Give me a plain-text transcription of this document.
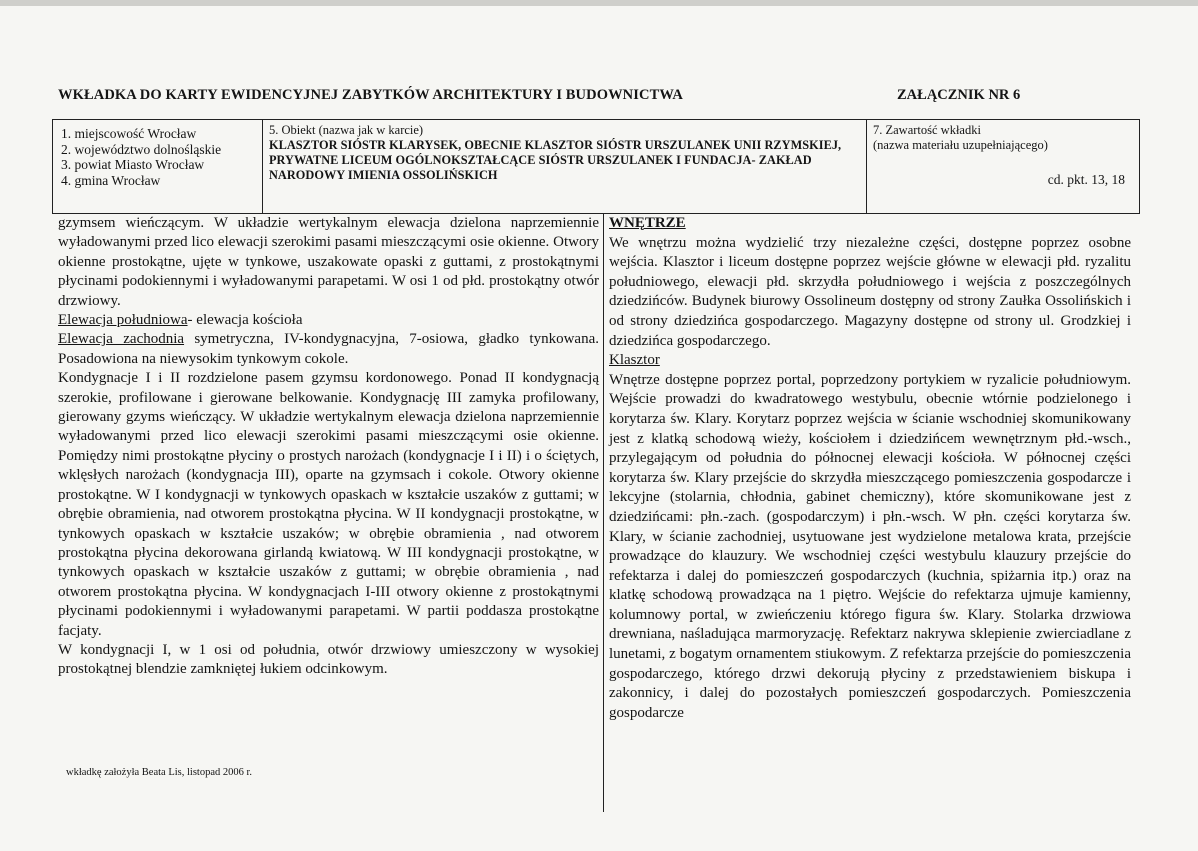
WKŁADKA DO KARTY EWIDENCYJNEJ ZABYTKÓW ARCHITEKTURY I BUDOWNICTWA	ZAŁĄCZNIK NR 6
1. miejscowość Wrocław
2. województwo dolnośląskie
3. powiat Miasto Wrocław
4. gmina Wrocław
5. Obiekt (nazwa jak w karcie)
KLASZTOR SIÓSTR KLARYSEK, OBECNIE KLASZTOR SIÓSTR URSZULANEK UNII RZYMSKIEJ, PRYWATNE LICEUM OGÓLNOKSZTAŁCĄCE SIÓSTR URSZULANEK I FUNDACJA- ZAKŁAD NARODOWY IMIENIA OSSOLIŃSKICH
7. Zawartość wkładki
(nazwa materiału uzupełniającego)
cd. pkt. 13, 18

gzymsem wieńczącym. W układzie wertykalnym elewacja dzielona naprzemiennie wyładowanymi przed lico elewacji szerokimi pasami mieszczącymi osie okienne. Otwory okienne prostokątne, ujęte w tynkowe, uszakowate opaski z guttami, z prostokątnymi płycinami podokiennymi i wyładowanymi parapetami. W osi 1 od płd. prostokątny otwór drzwiowy.

Elewacja południowa- elewacja kościoła

Elewacja zachodnia symetryczna, IV-kondygnacyjna, 7-osiowa, gładko tynkowana. Posadowiona na niewysokim tynkowym cokole.

Kondygnacje I i II rozdzielone pasem gzymsu kordonowego. Ponad II kondygnacją szerokie, profilowane i gierowane belkowanie. Kondygnację III zamyka profilowany, gierowany gzyms wieńczący. W układzie wertykalnym elewacja dzielona naprzemiennie wyładowanymi przed lico elewacji szerokimi pasami mieszczącymi osie okienne. Pomiędzy nimi prostokątne płyciny o prostych narożach (kondygnacje I i II) i o ściętych, wklęsłych narożach (kondygnacja III), oparte na gzymsach i cokole. Otwory okienne prostokątne. W I kondygnacji w tynkowych opaskach w kształcie uszaków z guttami; w obrębie obramienia, nad otworem prostokątna płycina. W II kondygnacji prostokątne, w tynkowych opaskach w kształcie uszaków; w obrębie obramienia , nad otworem prostokątna płycina dekorowana girlandą kwiatową. W III kondygnacji prostokątne, w tynkowych opaskach w kształcie uszaków z guttami; w obrębie obramienia , nad otworem prostokątna płycina. W kondygnacjach I-III otwory okienne z prostokątnymi płycinami podokiennymi i wyładowanymi parapetami. W partii poddasza prostokątne facjaty.

W kondygnacji I, w 1 osi od południa, otwór drzwiowy umieszczony w wysokiej prostokątnej blendzie zamkniętej łukiem odcinkowym.

WNĘTRZE

We wnętrzu można wydzielić trzy niezależne części, dostępne poprzez osobne wejścia. Klasztor i liceum dostępne poprzez wejście główne w elewacji płd. ryzalitu południowego, elewacji płd. skrzydła południowego i wejścia z poszczególnych dziedzińców. Budynek biurowy Ossolineum dostępny od strony Zaułka Ossolińskich i od strony dziedzińca gospodarczego. Magazyny dostępne od strony ul. Grodzkiej i dziedzińca gospodarczego.

Klasztor

Wnętrze dostępne poprzez portal, poprzedzony portykiem w ryzalicie południowym. Wejście prowadzi do kwadratowego westybulu, obecnie wtórnie podzielonego i korytarza św. Klary. Korytarz poprzez wejścia w ścianie wschodniej skomunikowany jest z klatką schodową wieży, kościołem i dziedzińcem wewnętrznym płd.-wsch., przylegającym od południa do północnej elewacji kościoła. W północnej części korytarza św. Klary przejście do skrzydła mieszczącego pomieszczenia gospodarcze i lekcyjne (stolarnia, chłodnia, gabinet chemiczny), które skomunikowane jest z dziedzińcami: płn.-zach. (gospodarczym) i płn.-wsch. W płn. części korytarza św. Klary, w ścianie zachodniej, usytuowane jest wydzielone metalowa krata, przejście prowadzące do klauzury. We wschodniej części westybulu klauzury przejście do refektarza i dalej do pomieszczeń gospodarczych (kuchnia, spiżarnia itp.) oraz na klatkę schodową prowadząca na 1 piętro. Wejście do refektarza ujmuje kamienny, kolumnowy portal, w zwieńczeniu którego figura św. Klary. Stolarka drzwiowa drewniana, naśladująca marmoryzację. Refektarz nakrywa sklepienie zwierciadlane z lunetami, z bogatym ornamentem stiukowym. Z refektarza przejście do pomieszczenia gospodarczego, którego drzwi dekorują płyciny z przedstawieniem biskupa i zakonnicy, i dalej do pozostałych pomieszczeń gospodarczych. Pomieszczenia gospodarcze

wkładkę założyła Beata Lis, listopad 2006 r.
